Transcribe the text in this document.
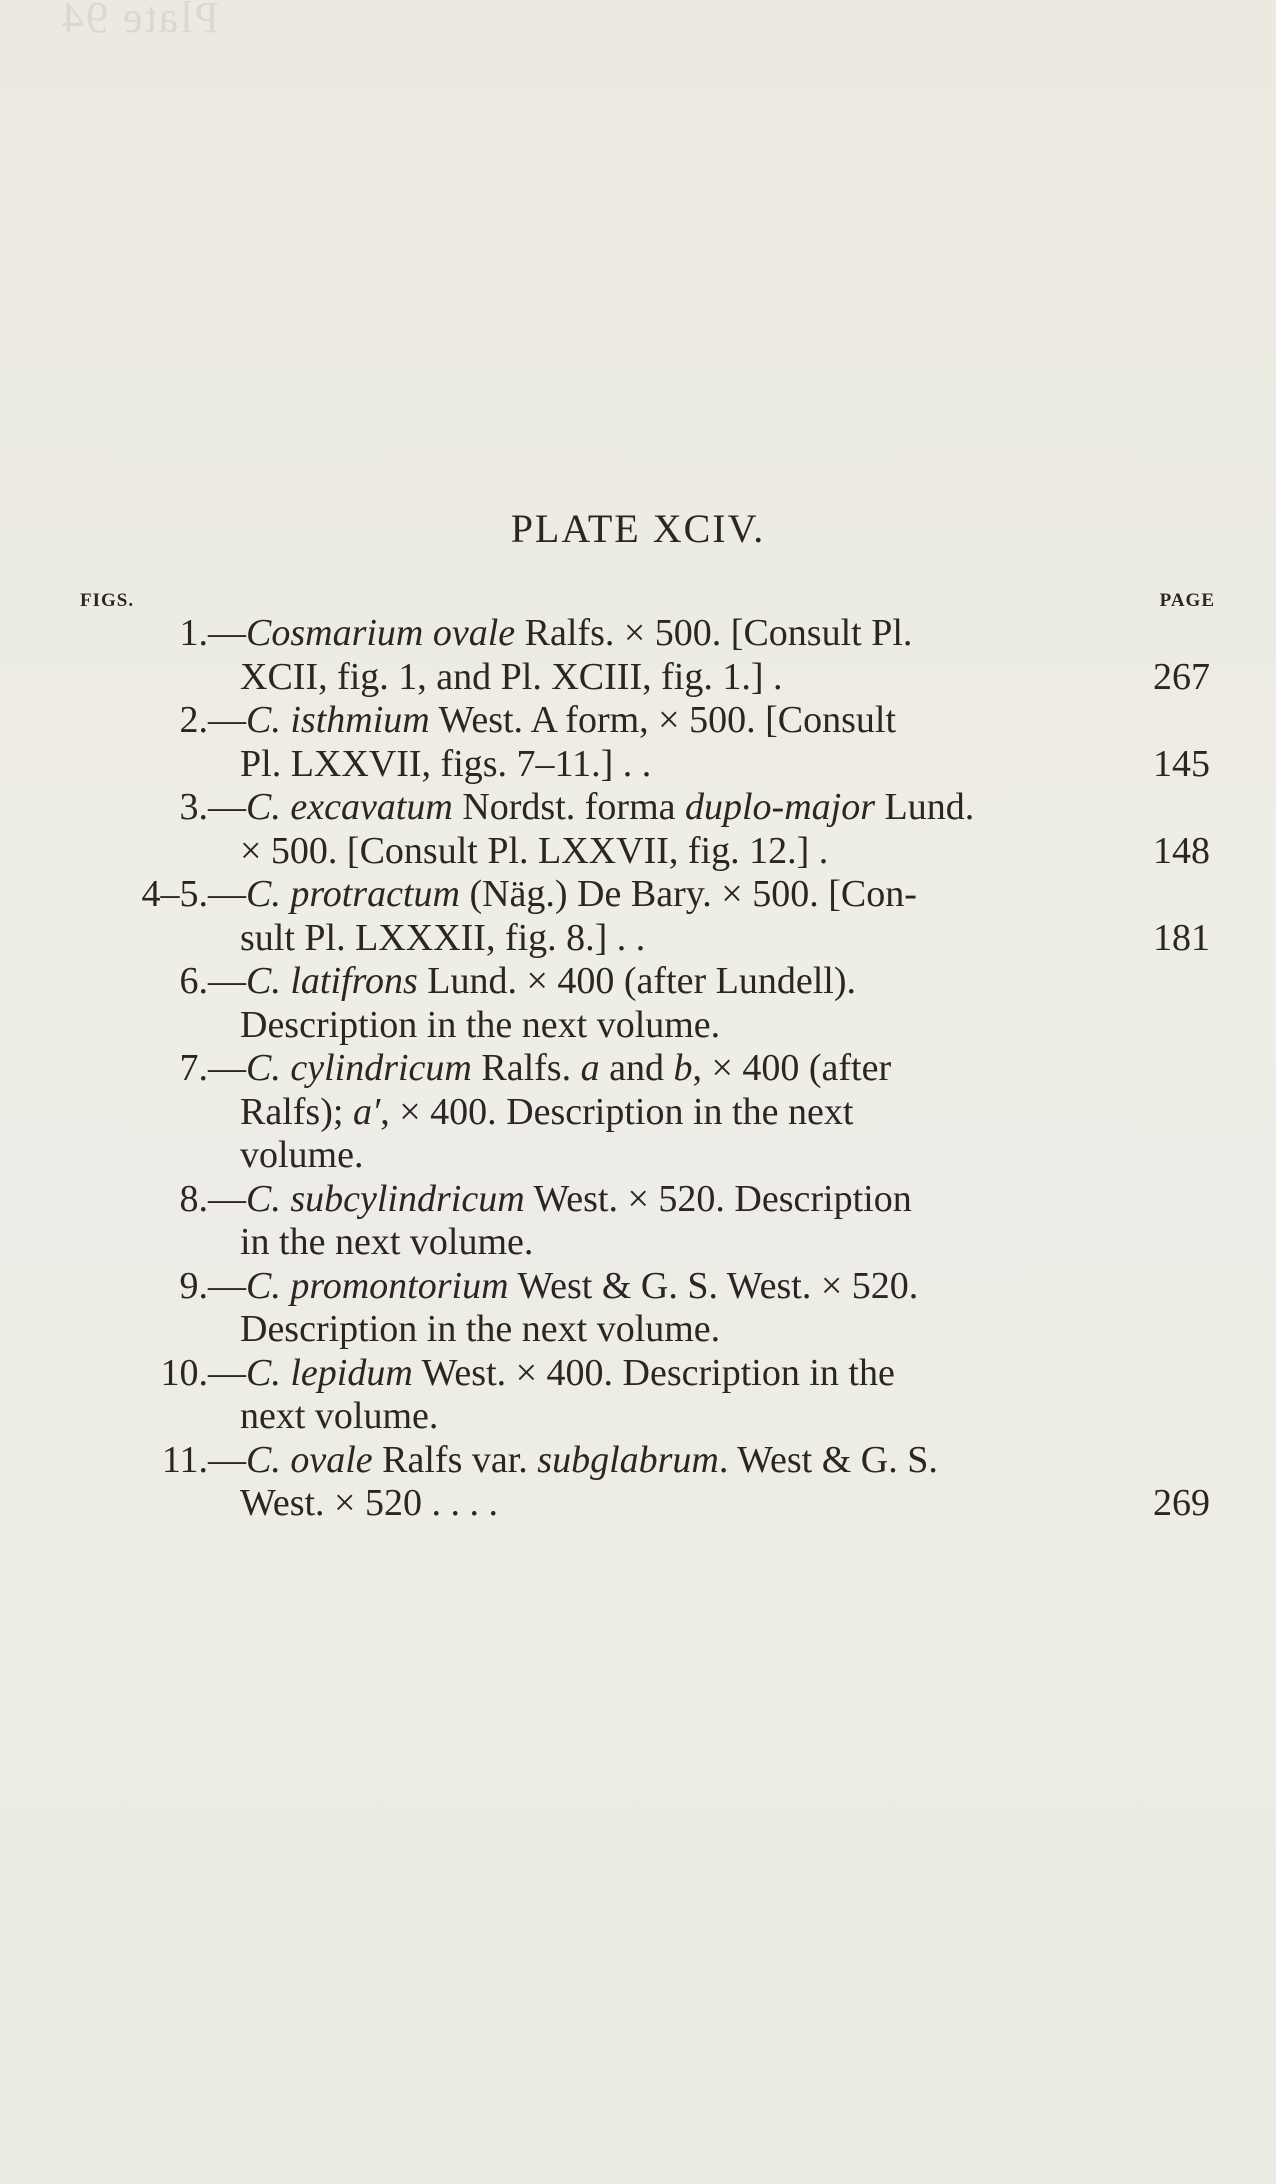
Plate 94
PLATE XCIV.
FIGS.	PAGE
1. —Cosmarium ovale Ralfs. × 500. [Consult Pl.
XCII, fig. 1, and Pl. XCIII, fig. 1.] .	267
2. —C. isthmium West. A form, × 500. [Consult
Pl. LXXVII, figs. 7–11.] . .	145
3. —C. excavatum Nordst. forma duplo-major Lund.
× 500. [Consult Pl. LXXVII, fig. 12.] .	148
4–5. —C. protractum (Näg.) De Bary. × 500. [Con-
sult Pl. LXXXII, fig. 8.] . .	181
6. —C. latifrons Lund. × 400 (after Lundell).
Description in the next volume.
7. —C. cylindricum Ralfs. a and b, × 400 (after
Ralfs); a′, × 400. Description in the next
volume.
8. —C. subcylindricum West. × 520. Description
in the next volume.
9. —C. promontorium West & G. S. West. × 520.
Description in the next volume.
10. —C. lepidum West. × 400. Description in the
next volume.
11. —C. ovale Ralfs var. subglabrum. West & G. S.
West. × 520 . . . .	269
